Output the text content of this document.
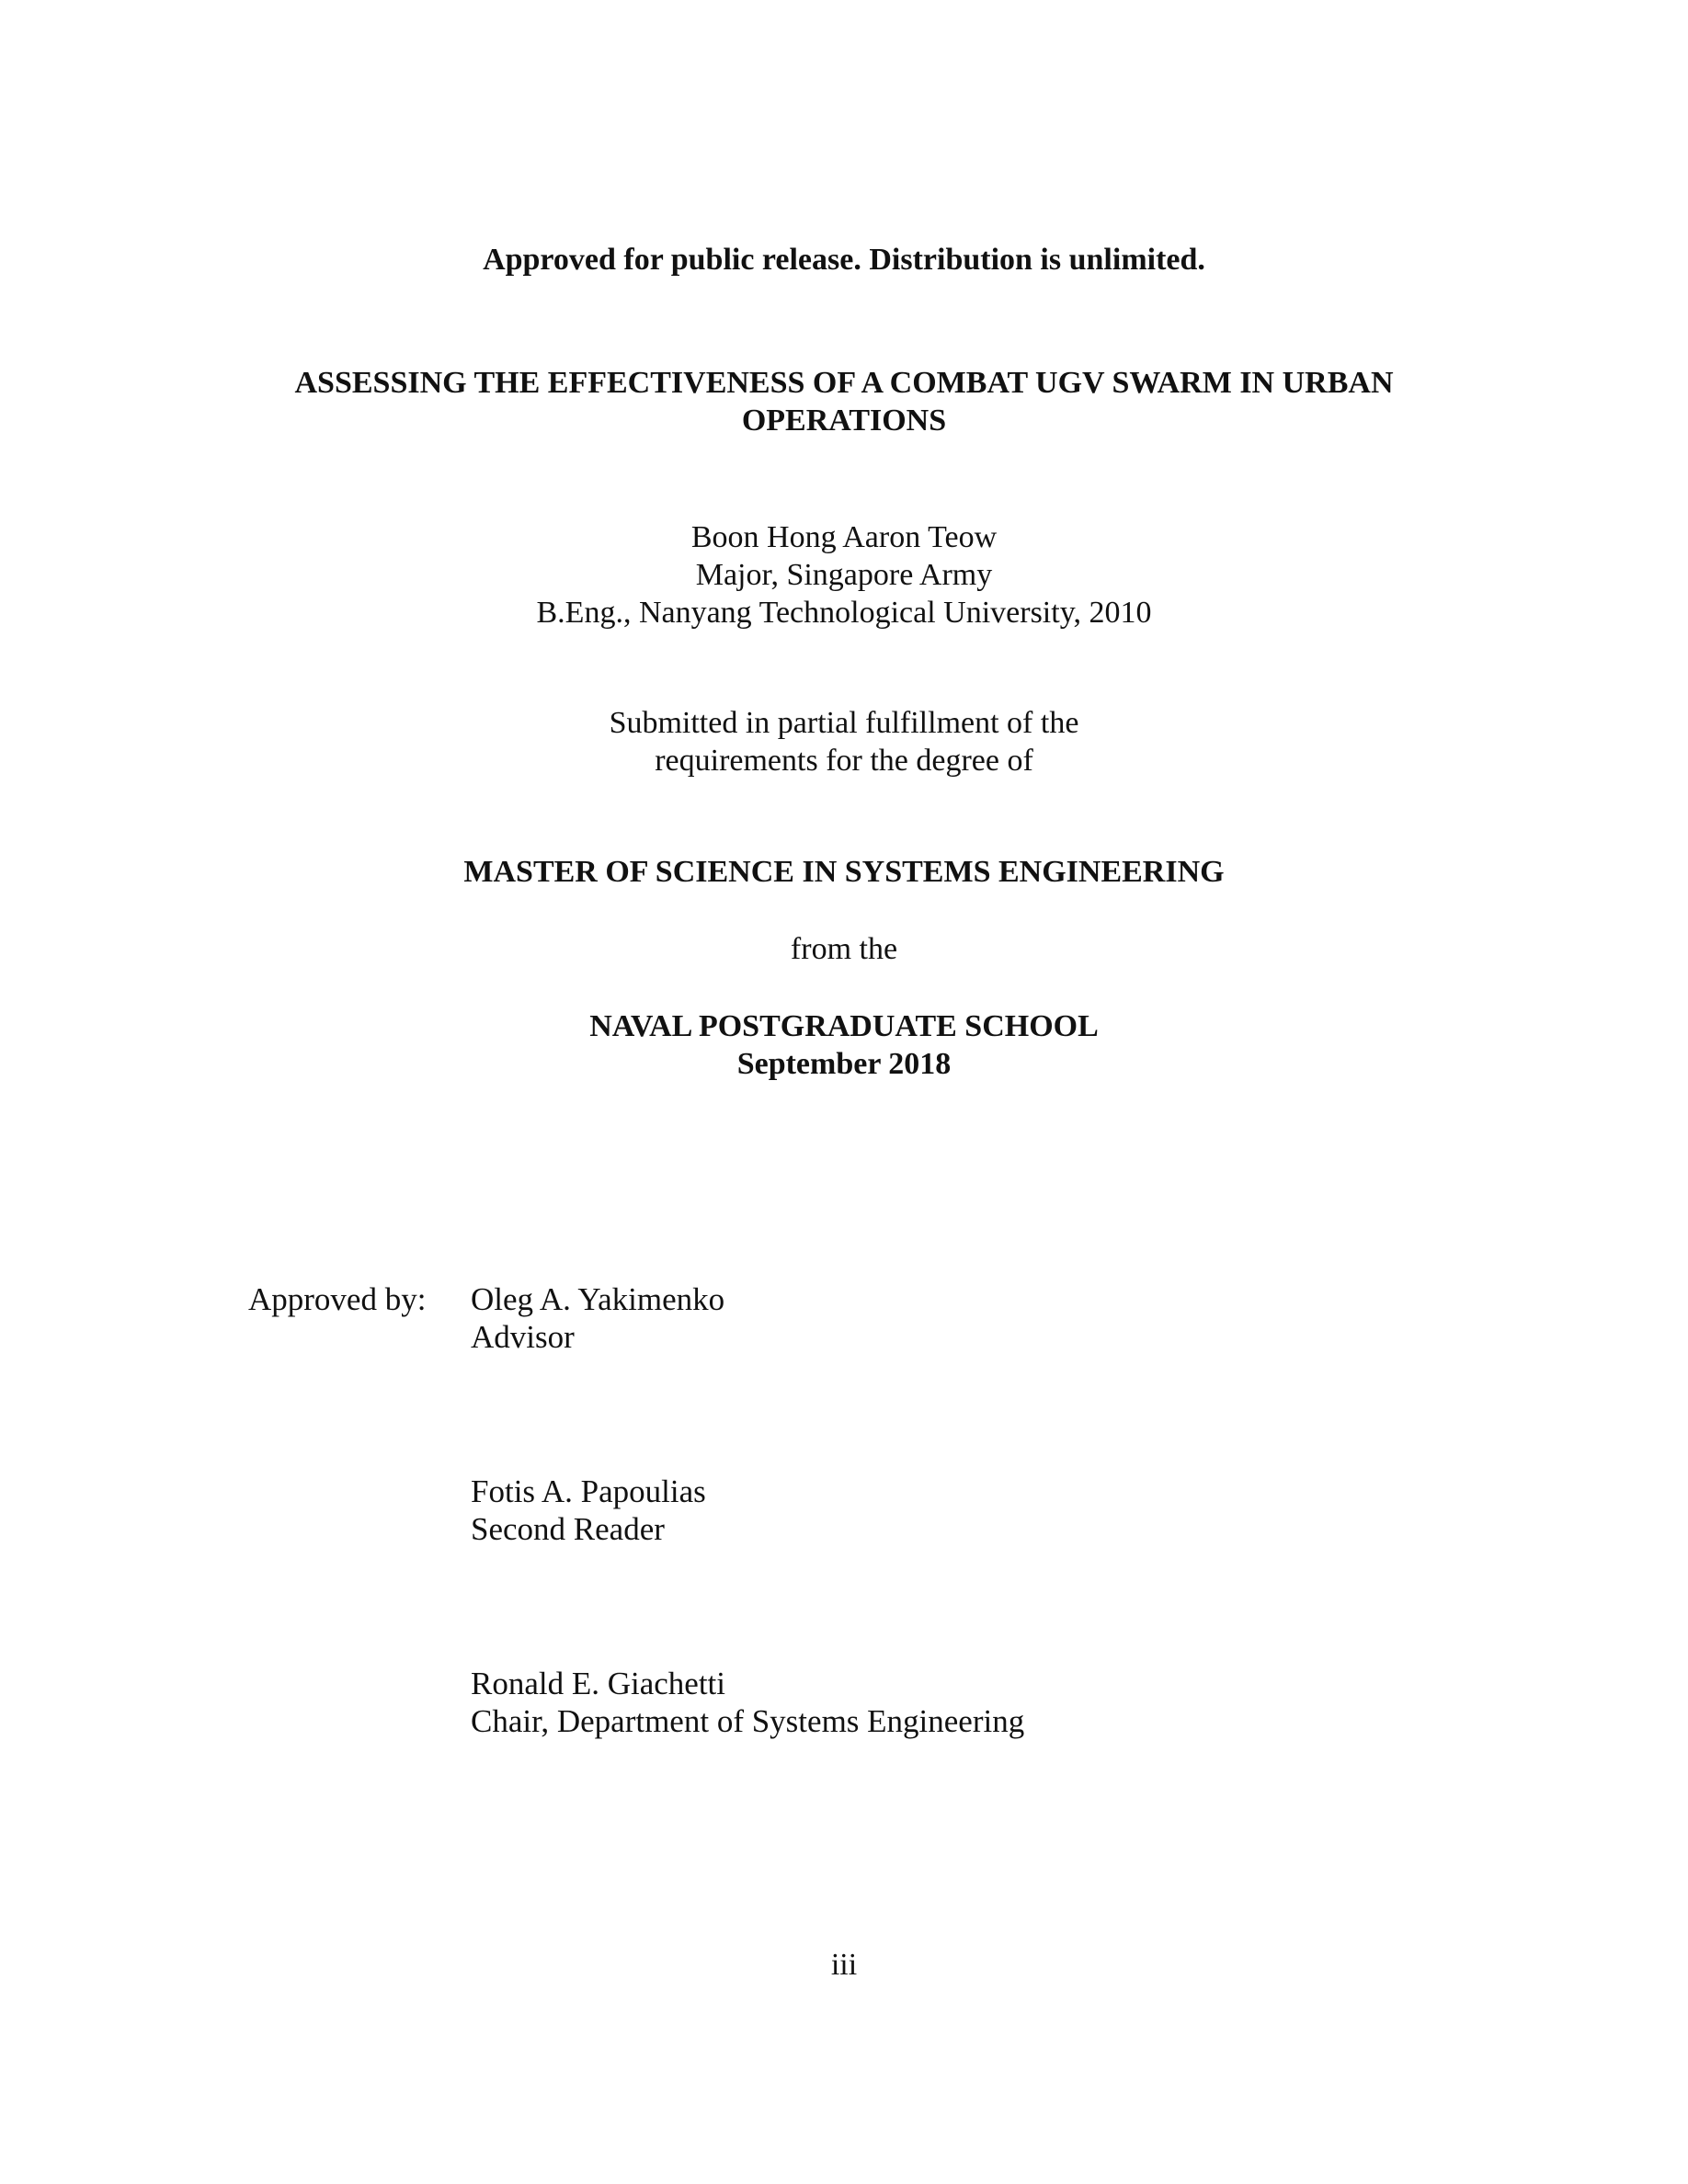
Approved for public release. Distribution is unlimited.
ASSESSING THE EFFECTIVENESS OF A COMBAT UGV SWARM IN URBAN
OPERATIONS
Boon Hong Aaron Teow
Major, Singapore Army
B.Eng., Nanyang Technological University, 2010
Submitted in partial fulfillment of the
requirements for the degree of
MASTER OF SCIENCE IN SYSTEMS ENGINEERING
from the
NAVAL POSTGRADUATE SCHOOL
September 2018
Approved by:	Oleg A. Yakimenko
Advisor
Fotis A. Papoulias
Second Reader
Ronald E. Giachetti
Chair, Department of Systems Engineering
iii
